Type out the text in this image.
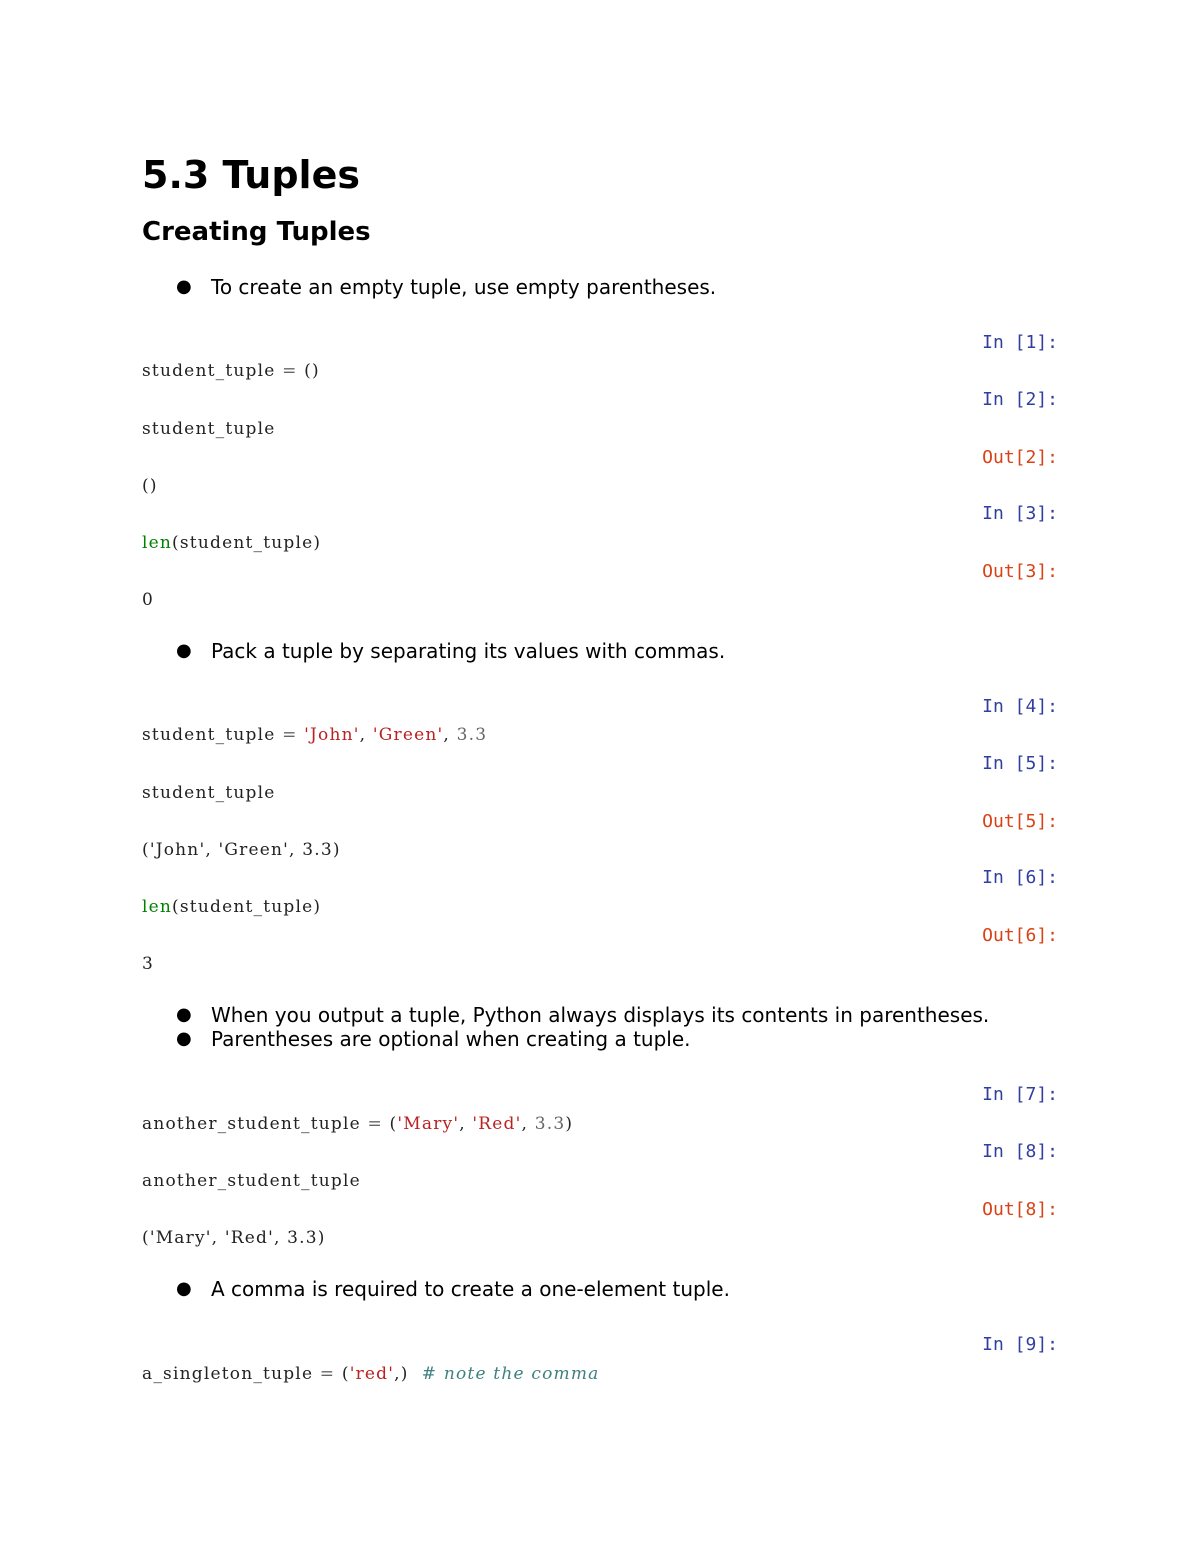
5.3 Tuples
Creating Tuples
● To create an empty tuple, use empty parentheses.
In [1]:
student_tuple = ()
In [2]:
student_tuple
Out[2]:
()
In [3]:
len(student_tuple)
Out[3]:
0
● Pack a tuple by separating its values with commas.
In [4]:
student_tuple = 'John', 'Green', 3.3
In [5]:
student_tuple
Out[5]:
('John', 'Green', 3.3)
In [6]:
len(student_tuple)
Out[6]:
3
● When you output a tuple, Python always displays its contents in parentheses.
● Parentheses are optional when creating a tuple.
In [7]:
another_student_tuple = ('Mary', 'Red', 3.3)
In [8]:
another_student_tuple
Out[8]:
('Mary', 'Red', 3.3)
● A comma is required to create a one-element tuple.
In [9]:
a_singleton_tuple = ('red',) # note the comma
